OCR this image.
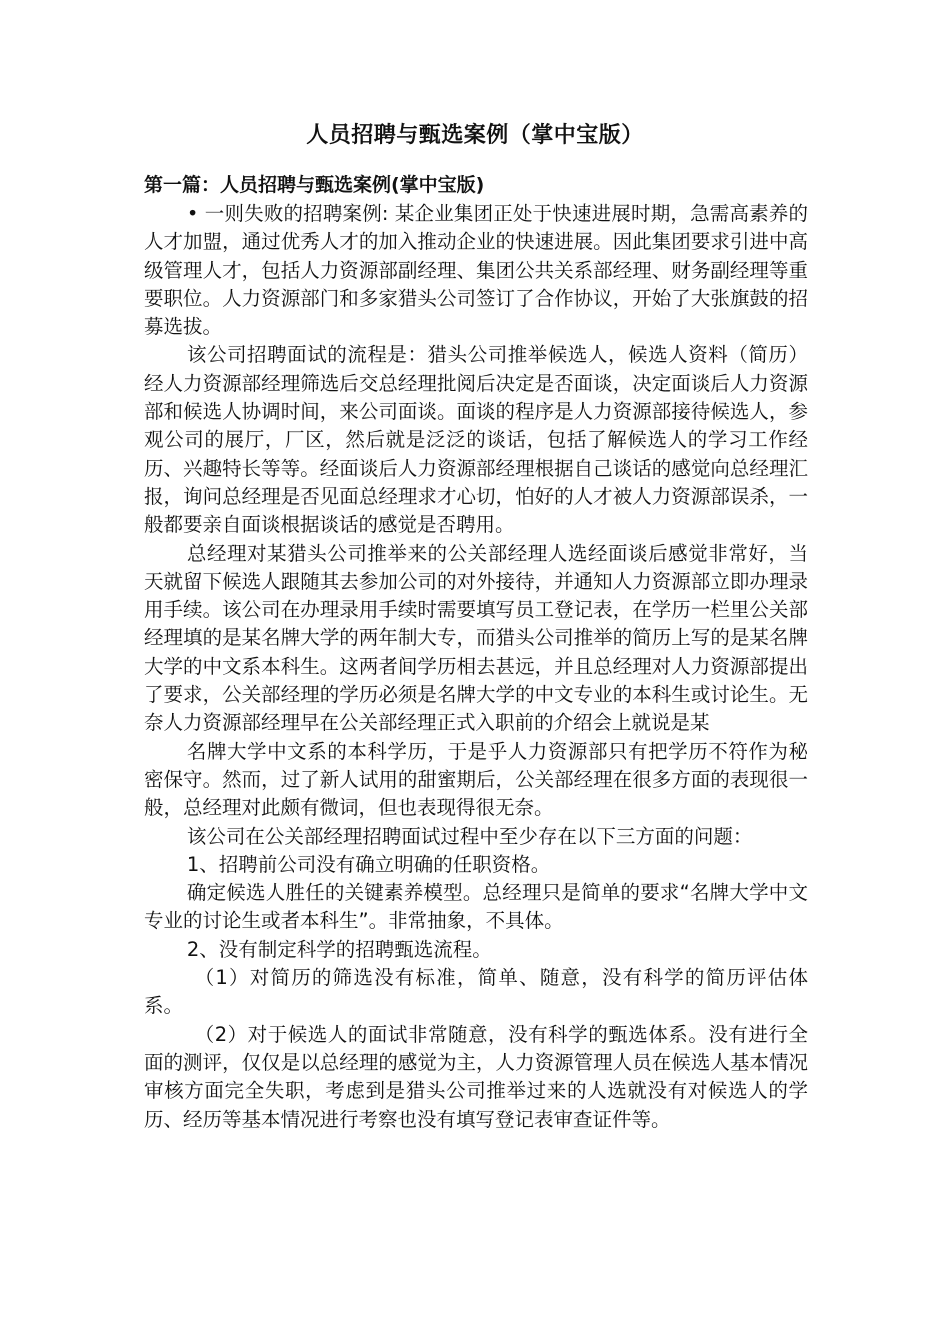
人员招聘与甄选案例（掌中宝版）

第一篇：人员招聘与甄选案例(掌中宝版)

• 一则失败的招聘案例: 某企业集团正处于快速进展时期，急需高素养的人才加盟，通过优秀人才的加入推动企业的快速进展。因此集团要求引进中高级管理人才，包括人力资源部副经理、集团公共关系部经理、财务副经理等重要职位。人力资源部门和多家猎头公司签订了合作协议，开始了大张旗鼓的招募选拔。

该公司招聘面试的流程是：猎头公司推举候选人，候选人资料（简历）经人力资源部经理筛选后交总经理批阅后决定是否面谈，决定面谈后人力资源部和候选人协调时间，来公司面谈。面谈的程序是人力资源部接待候选人，参观公司的展厅，厂区，然后就是泛泛的谈话，包括了解候选人的学习工作经历、兴趣特长等等。经面谈后人力资源部经理根据自己谈话的感觉向总经理汇报，询问总经理是否见面总经理求才心切，怕好的人才被人力资源部误杀，一般都要亲自面谈根据谈话的感觉是否聘用。

总经理对某猎头公司推举来的公关部经理人选经面谈后感觉非常好，当天就留下候选人跟随其去参加公司的对外接待，并通知人力资源部立即办理录用手续。该公司在办理录用手续时需要填写员工登记表，在学历一栏里公关部经理填的是某名牌大学的两年制大专，而猎头公司推举的简历上写的是某名牌大学的中文系本科生。这两者间学历相去甚远，并且总经理对人力资源部提出了要求，公关部经理的学历必须是名牌大学的中文专业的本科生或讨论生。无奈人力资源部经理早在公关部经理正式入职前的介绍会上就说是某

名牌大学中文系的本科学历，于是乎人力资源部只有把学历不符作为秘密保守。然而，过了新人试用的甜蜜期后，公关部经理在很多方面的表现很一般，总经理对此颇有微词，但也表现得很无奈。

该公司在公关部经理招聘面试过程中至少存在以下三方面的问题：

1、招聘前公司没有确立明确的任职资格。

确定候选人胜任的关键素养模型。总经理只是简单的要求“名牌大学中文专业的讨论生或者本科生”。非常抽象，不具体。

2、没有制定科学的招聘甄选流程。

（1）对简历的筛选没有标准，简单、随意，没有科学的简历评估体系。

（2）对于候选人的面试非常随意，没有科学的甄选体系。没有进行全面的测评，仅仅是以总经理的感觉为主，人力资源管理人员在候选人基本情况审核方面完全失职，考虑到是猎头公司推举过来的人选就没有对候选人的学历、经历等基本情况进行考察也没有填写登记表审查证件等。
